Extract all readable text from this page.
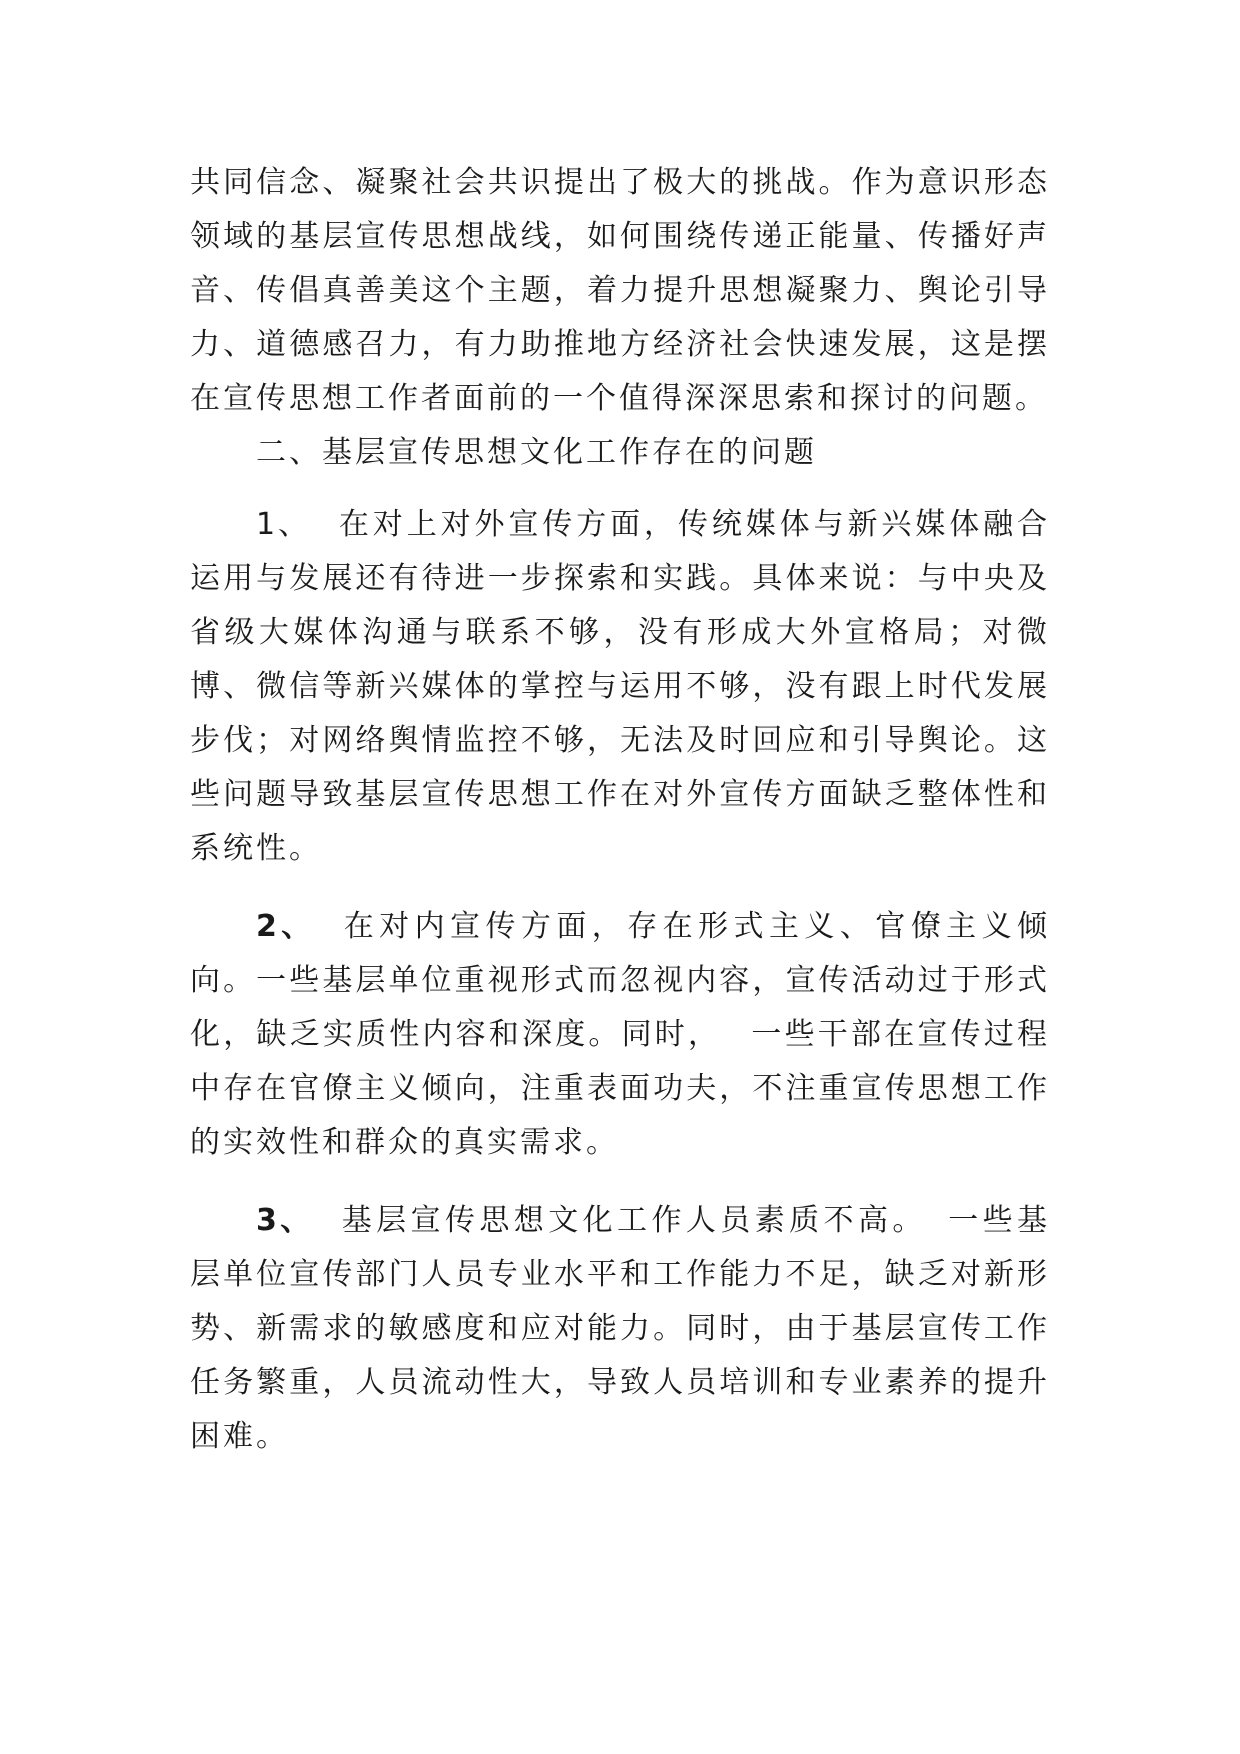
共同信念、凝聚社会共识提出了极大的挑战。作为意识形态领域的基层宣传思想战线，如何围绕传递正能量、传播好声音、传倡真善美这个主题，着力提升思想凝聚力、舆论引导力、道德感召力，有力助推地方经济社会快速发展，这是摆在宣传思想工作者面前的一个值得深深思索和探讨的问题。

二、基层宣传思想文化工作存在的问题

1、 在对上对外宣传方面，传统媒体与新兴媒体融合运用与发展还有待进一步探索和实践。具体来说：与中央及省级大媒体沟通与联系不够，没有形成大外宣格局；对微博、微信等新兴媒体的掌控与运用不够，没有跟上时代发展步伐；对网络舆情监控不够，无法及时回应和引导舆论。这些问题导致基层宣传思想工作在对外宣传方面缺乏整体性和系统性。

2、 在对内宣传方面，存在形式主义、官僚主义倾向。一些基层单位重视形式而忽视内容，宣传活动过于形式化，缺乏实质性内容和深度。同时， 一些干部在宣传过程中存在官僚主义倾向，注重表面功夫，不注重宣传思想工作的实效性和群众的真实需求。

3、 基层宣传思想文化工作人员素质不高。 一些基层单位宣传部门人员专业水平和工作能力不足，缺乏对新形势、新需求的敏感度和应对能力。同时，由于基层宣传工作任务繁重，人员流动性大，导致人员培训和专业素养的提升困难。
